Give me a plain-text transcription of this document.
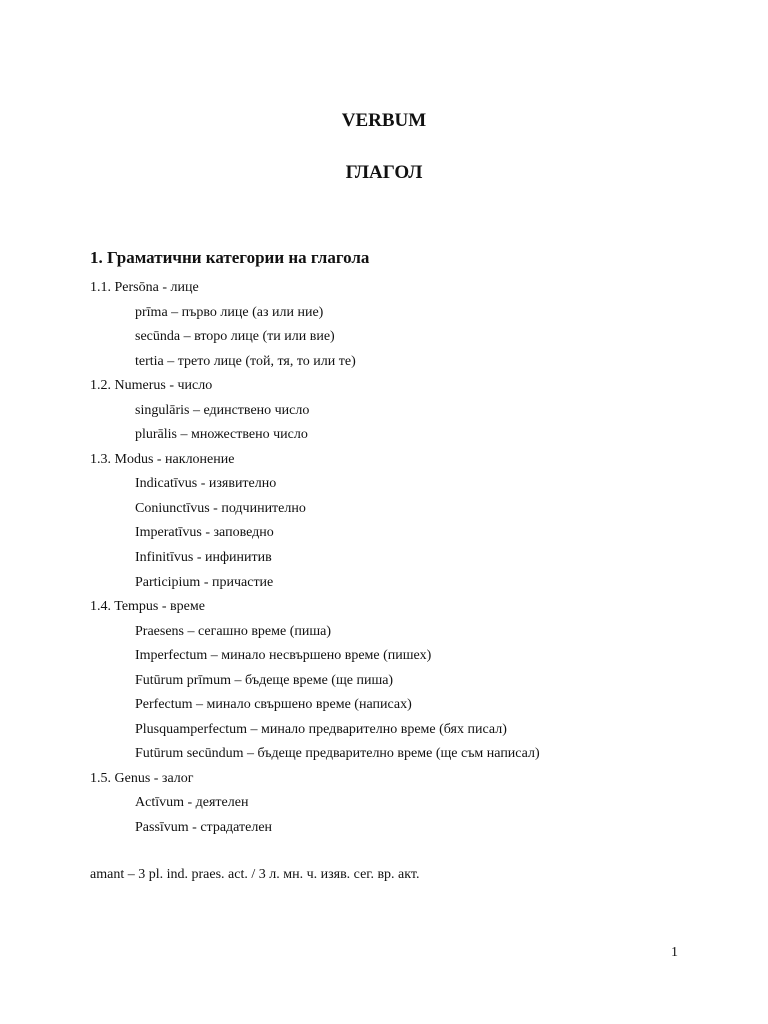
VERBUM
ГЛАГОЛ
1. Граматични категории на глагола
1.1. Persōna - лице
prīma – първо лице (аз или ние)
secūnda – второ лице (ти или вие)
tertia – трето лице (той, тя, то или те)
1.2. Numerus - число
singulāris – единствено число
plurālis – множествено число
1.3. Modus - наклонение
Indicatīvus - изявително
Coniunctīvus - подчинително
Imperatīvus - заповедно
Infinitīvus - инфинитив
Participium - причастие
1.4. Tempus - време
Praesens – сегашно време (пиша)
Imperfectum – минало несвършено време (пишех)
Futūrum prīmum – бъдеще време (ще пиша)
Perfectum – минало свършено време (написах)
Plusquamperfectum – минало предварително време (бях писал)
Futūrum secūndum – бъдеще предварително време (ще съм написал)
1.5. Genus - залог
Actīvum - деятелен
Passīvum - страдателен
amant – 3 pl. ind. praes. act. / 3 л. мн. ч. изяв. сег. вр. акт.
1
